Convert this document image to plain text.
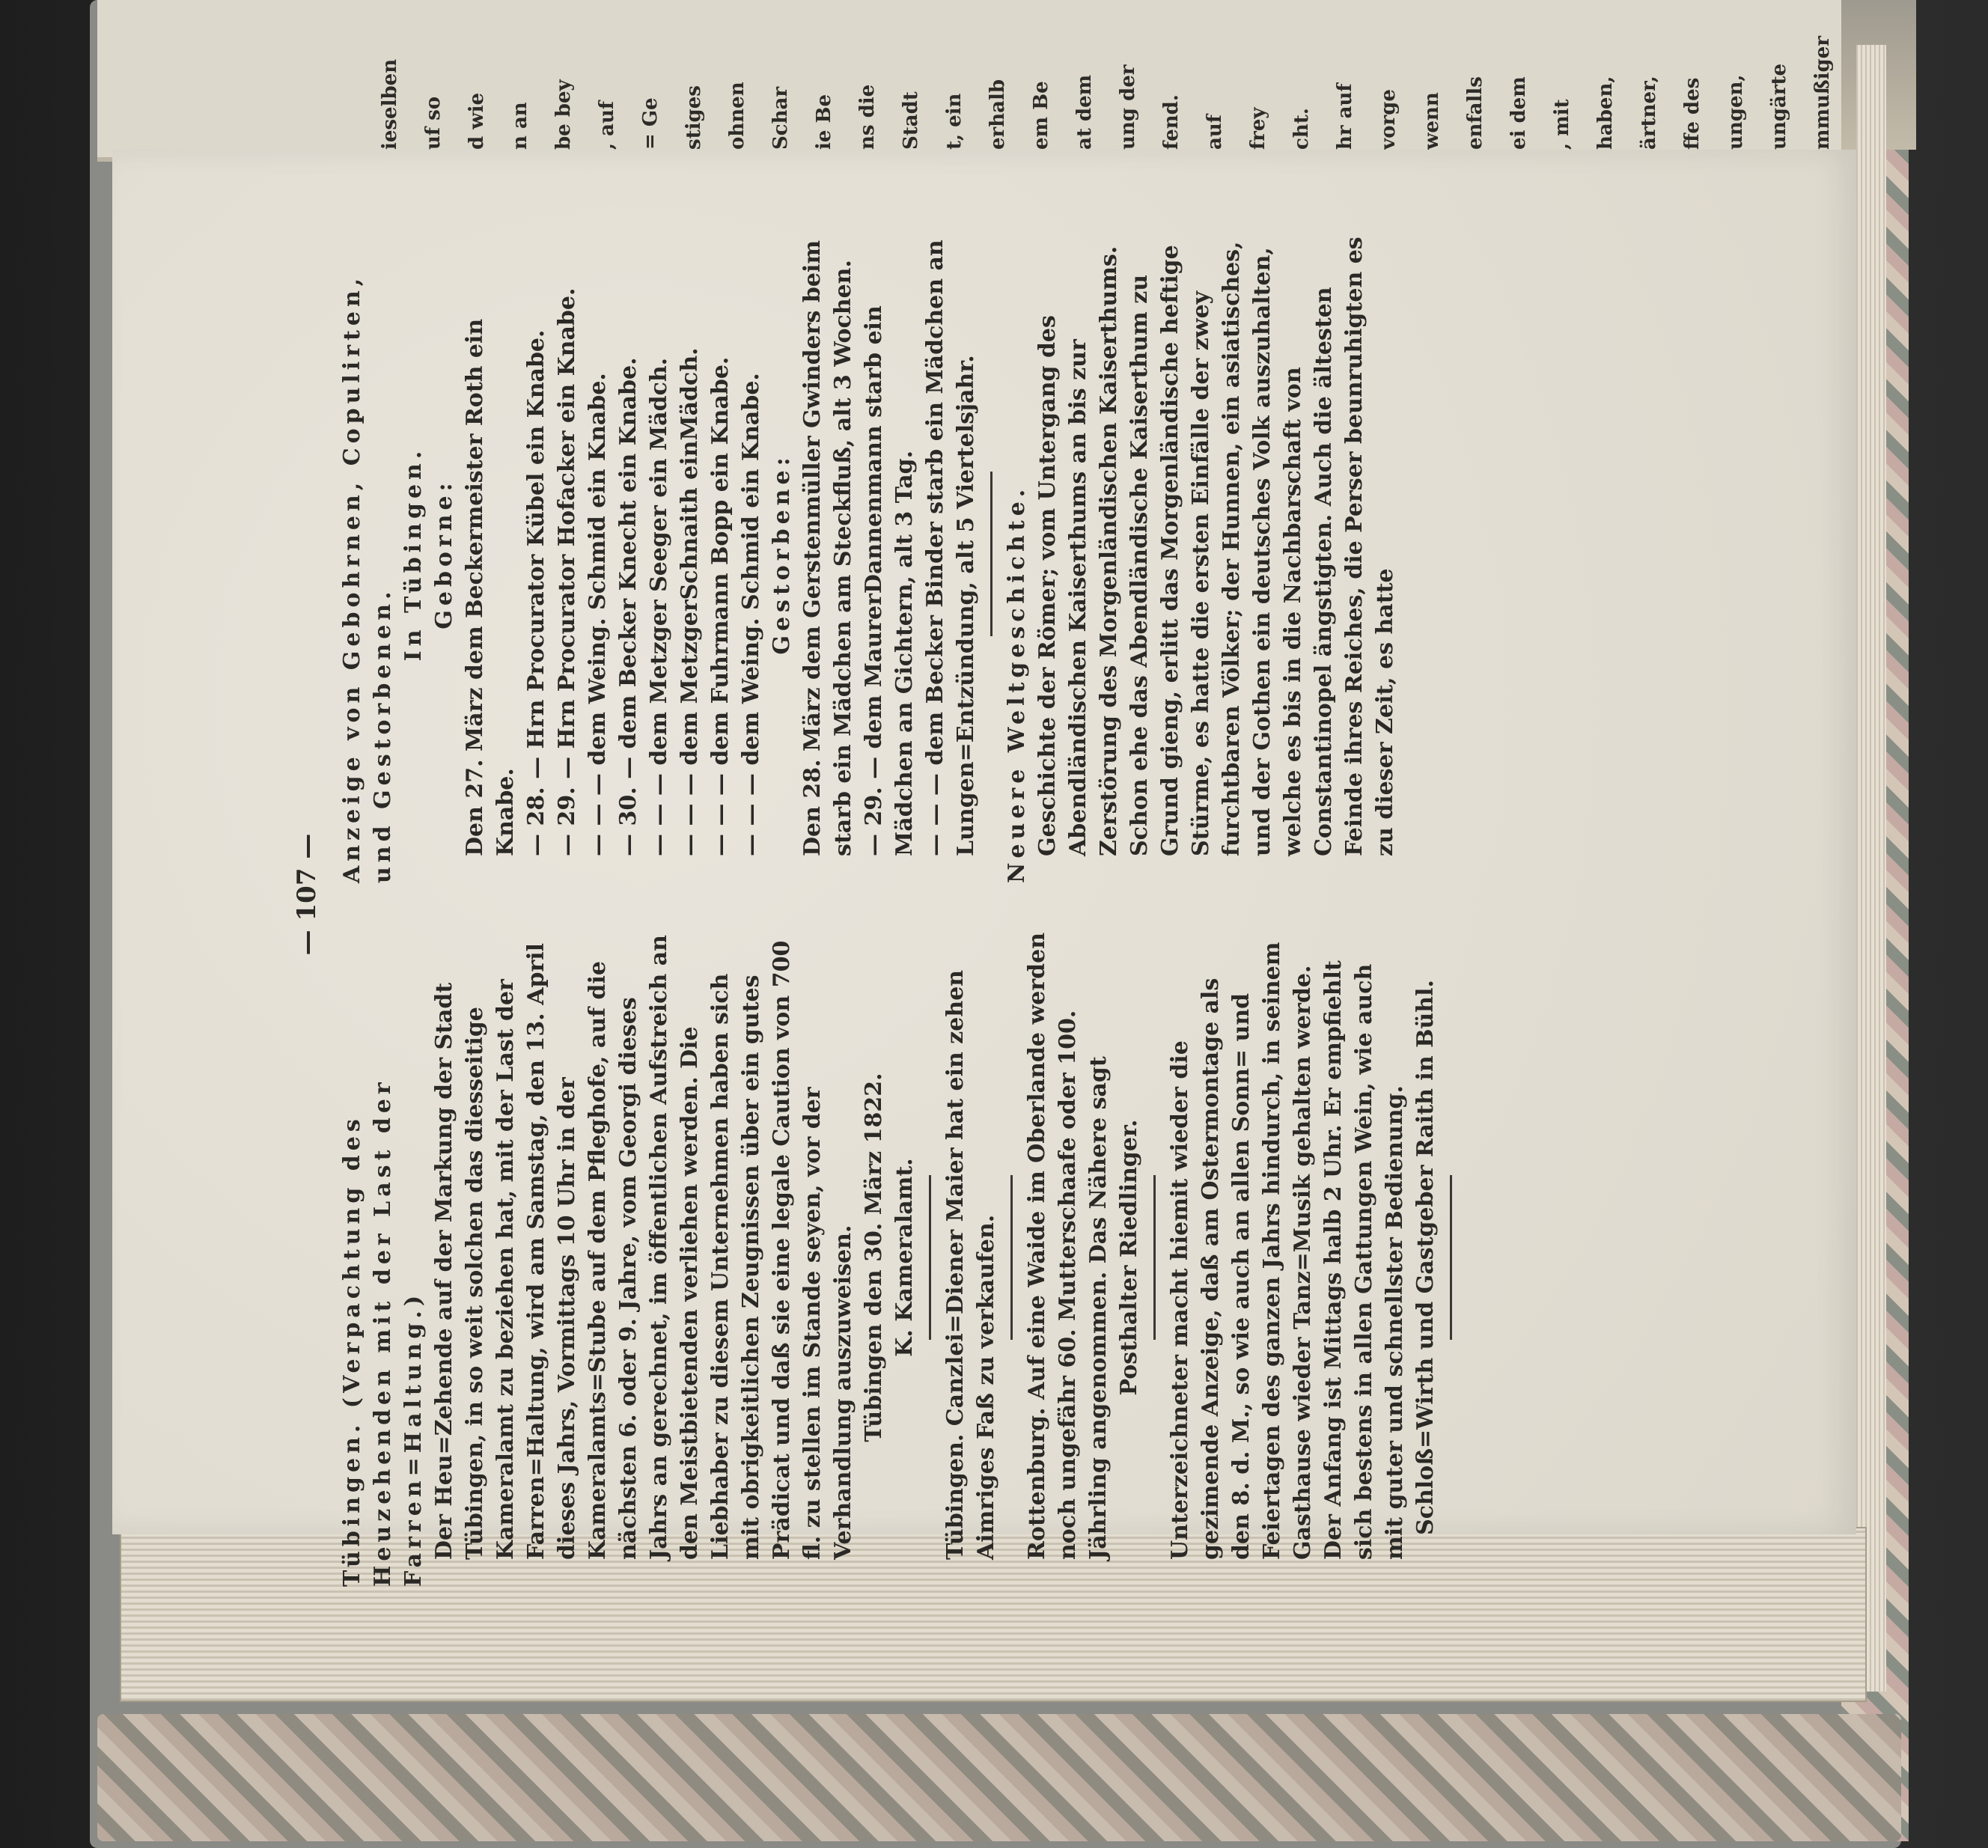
mmußiger
ungärte
ungen,
ffe des
ärtner,
haben,
, mit
ei dem
enfalls
wenn
vorge
hr auf
cht.
frey
auf
fend.
ung der
at dem
em Be
erhalb
t, ein
Stadt
ns die
ie Be
Schar
ohnen
stiges
= Ge
, auf
be bey
n an
d wie
uf so
ieselben
— 107 —

Tübingen. (Verpachtung des Heuzehenden mit der Last der Farren=Haltung.) Der Heu=Zehende auf der Markung der Stadt Tübingen, in so weit solchen das diesseitige Kameralamt zu beziehen hat, mit der Last der Farren=Haltung, wird am Samstag, den 13. April dieses Jahrs, Vormittags 10 Uhr in der Kameralamts=Stube auf dem Pfleghofe, auf die nächsten 6. oder 9. Jahre, vom Georgi dieses Jahrs an gerechnet, im öffentlichen Aufstreich an den Meistbietenden verliehen werden. Die Liebhaber zu diesem Unternehmen haben sich mit obrigkeitlichen Zeugnissen über ein gutes Prädicat und daß sie eine legale Caution von 700 fl. zu stellen im Stande seyen, vor der Verhandlung auszuweisen. Tübingen den 30. März 1822. K. Kameralamt. Tübingen. Canzlei=Diener Maier hat ein zehen Aimriges Faß zu verkaufen. Rottenburg. Auf eine Waide im Oberlande werden noch ungefähr 60. Mutterschaafe oder 100. Jährling angenommen. Das Nähere sagt Posthalter Riedlinger. Unterzeichneter macht hiemit wieder die gezimende Anzeige, daß am Ostermontage als den 8. d. M., so wie auch an allen Sonn= und Feiertagen des ganzen Jahrs hindurch, in seinem Gasthause wieder Tanz=Musik gehalten werde. Der Anfang ist Mittags halb 2 Uhr. Er empfiehlt sich bestens in allen Gattungen Wein, wie auch mit guter und schnellster Bedienung. Schloß=Wirth und Gastgeber Raith in Bühl.

Anzeige von Gebohrnen, Copulirten, und Gestorbenen.

In Tübingen. Geborne: Den 27. März dem Beckermeister Roth ein Knabe. — 28. — Hrn Procurator Kübel ein Knabe. — 29. — Hrn Procurator Hofacker ein Knabe. — — — dem Weing. Schmid ein Knabe. — 30. — dem Becker Knecht ein Knabe. — — — dem Metzger Seeger ein Mädch. — — — dem MetzgerSchnaith einMädch. — — — dem Fuhrmann Bopp ein Knabe. — — — dem Weing. Schmid ein Knabe. Gestorbene: Den 28. März dem Gerstenmüller Gwinders beim starb ein Mädchen am Steckfluß, alt 3 Wochen. — 29. — dem MaurerDannenmann starb ein Mädchen an Gichtern, alt 3 Tag. — — — dem Becker Binder starb ein Mädchen an Lungen=Entzündung, alt 5 Viertelsjahr. Neuere Weltgeschichte. Geschichte der Römer; vom Untergang des Abendländischen Kaiserthums an bis zur Zerstörung des Morgenländischen Kaiserthums. Schon ehe das Abendländische Kaiserthum zu Grund gieng, erlitt das Morgenländische heftige Stürme, es hatte die ersten Einfälle der zwey furchtbaren Völker; der Hunnen, ein asiatisches, und der Gothen ein deutsches Volk auszuhalten, welche es bis in die Nachbarschaft von Constantinopel ängstigten. Auch die ältesten Feinde ihres Reiches, die Perser beunruhigten es zu dieser Zeit, es hatte
